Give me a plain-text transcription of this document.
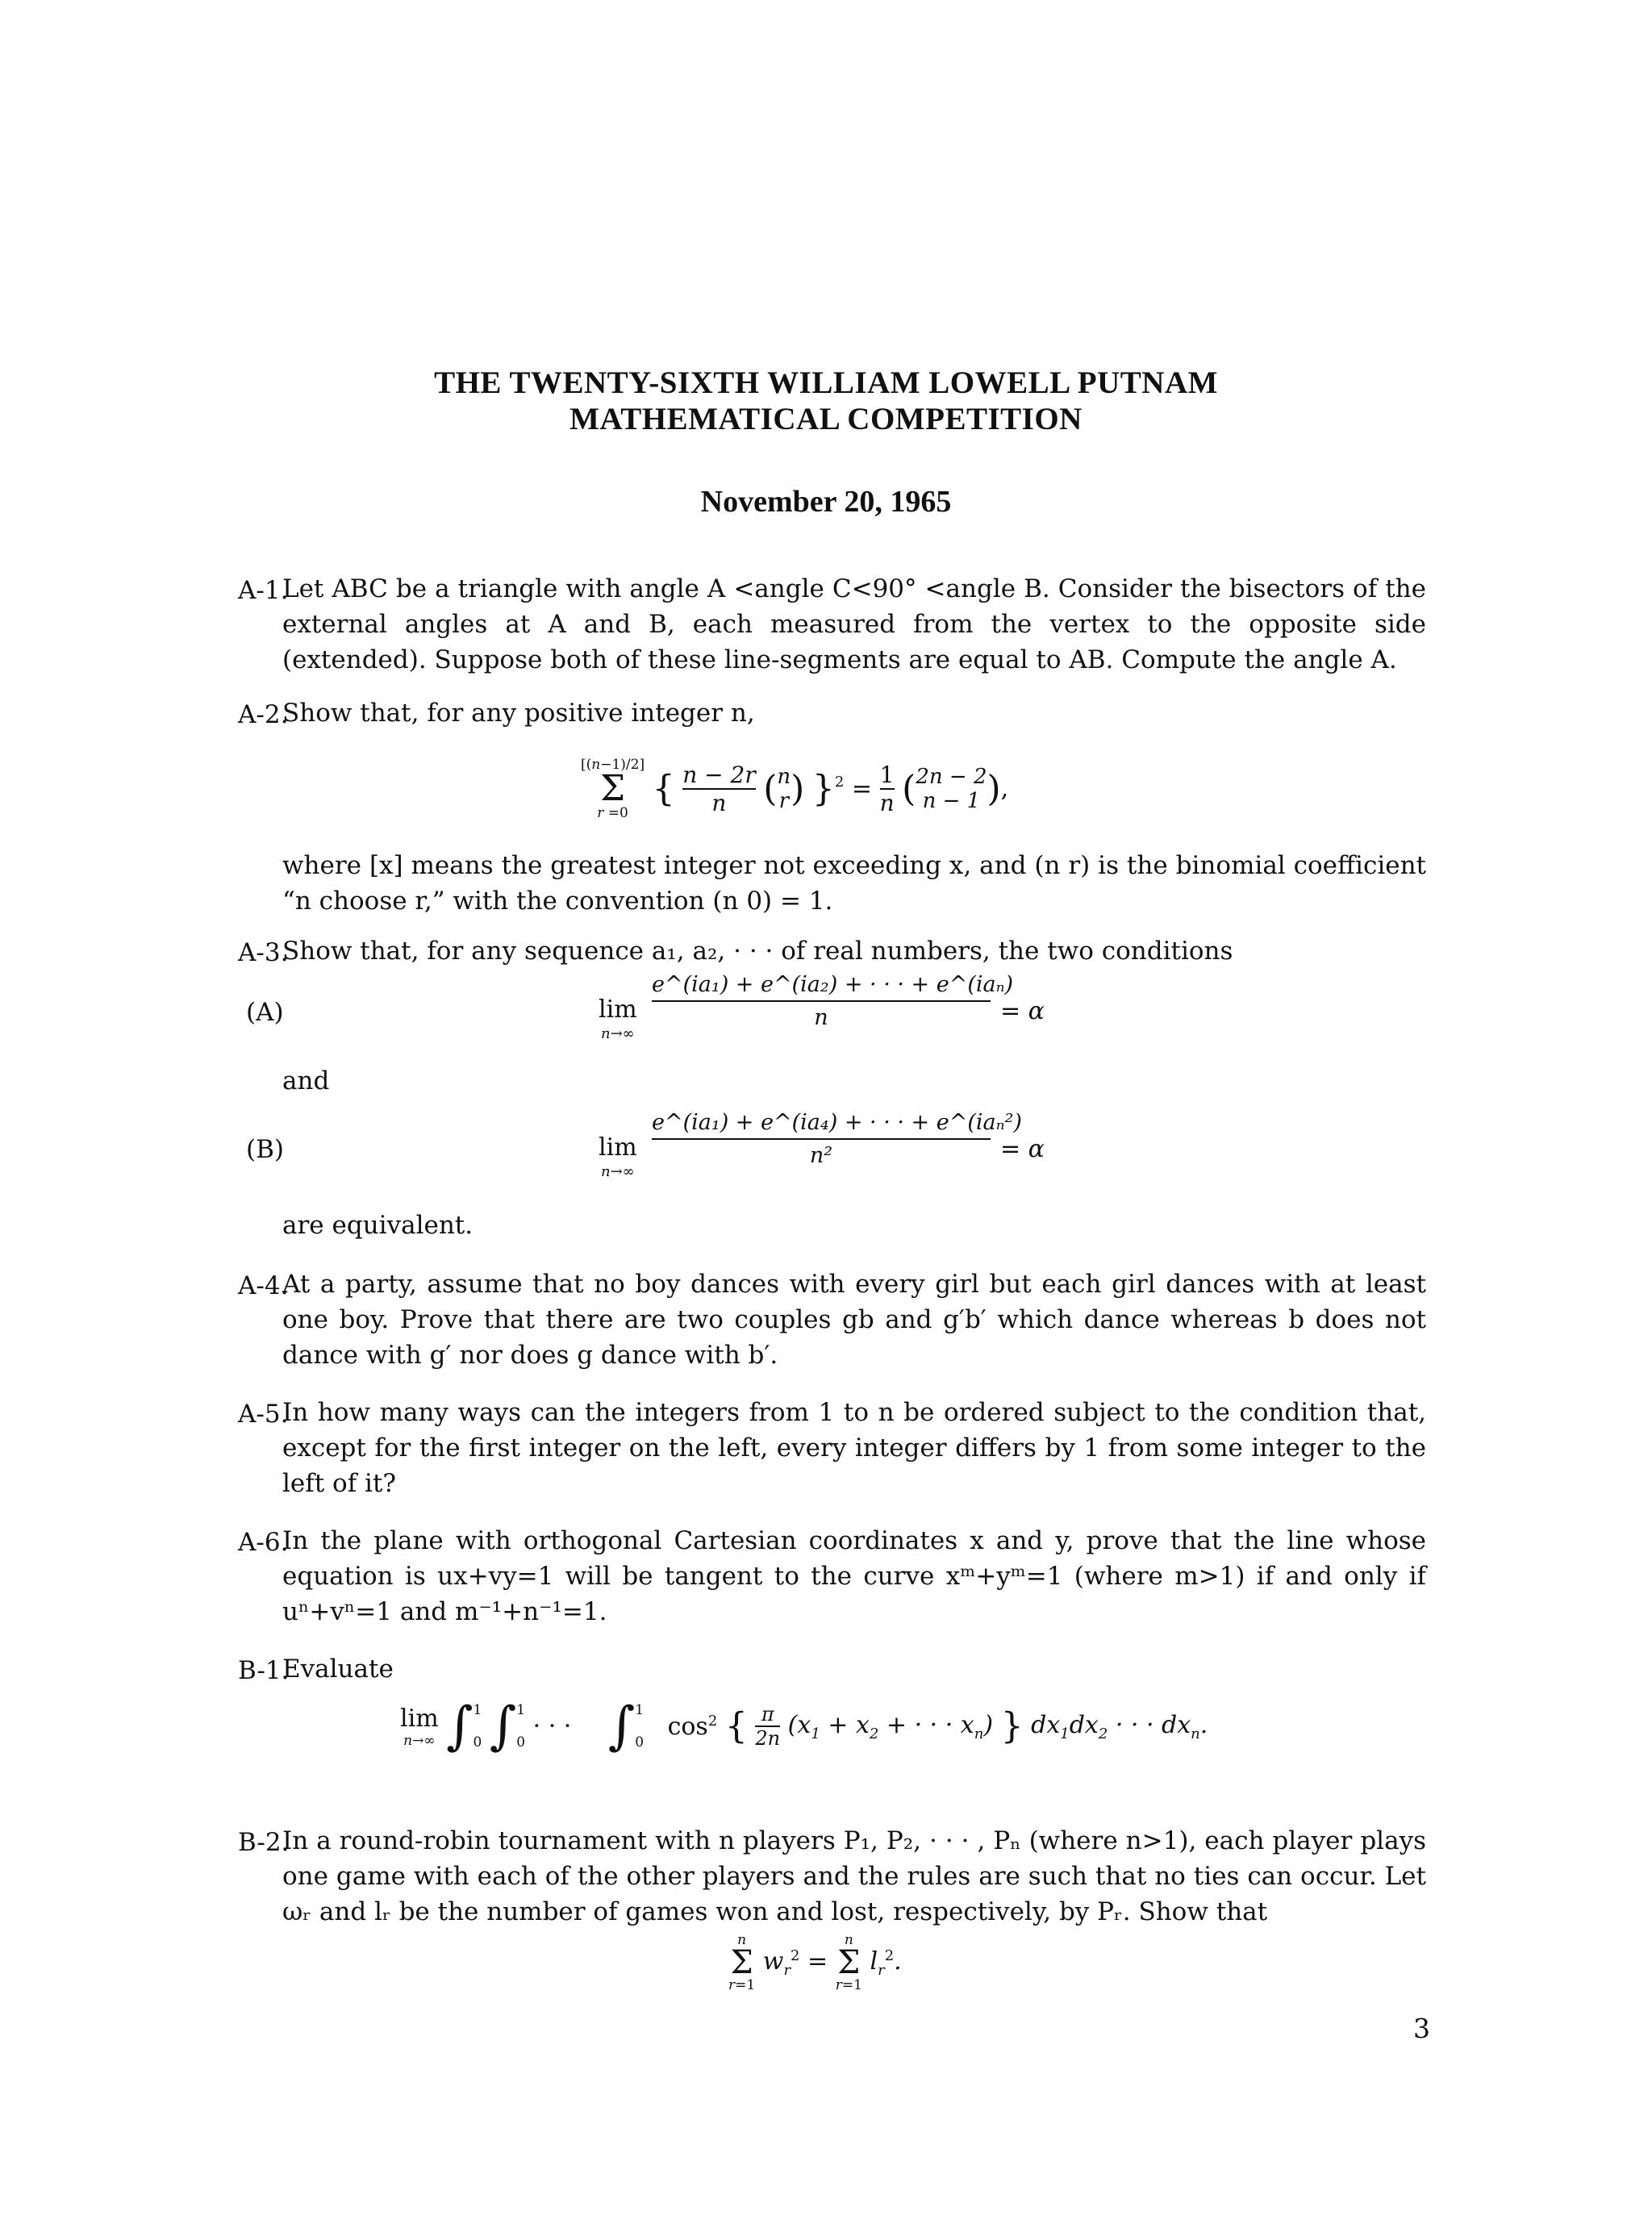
THE TWENTY-SIXTH WILLIAM LOWELL PUTNAM
MATHEMATICAL COMPETITION
November 20, 1965
A-1.
Let ABC be a triangle with angle A <angle C<90° <angle B. Consider the bisectors of the external angles at A and B, each measured from the vertex to the opposite side (extended). Suppose both of these line-segments are equal to AB. Compute the angle A.
A-2.
Show that, for any positive integer n,
[(n−1)/2]
Σ
r =0
{ $\frac{n - 2r}{n} (n$
r) }$^2 = \frac{1}{n} (2n - 2$
n − 1 ),
where [x] means the greatest integer not exceeding x, and (n r) is the binomial coefficient “n choose r,” with the convention (n 0) = 1.
A-3.
Show that, for any sequence a₁, a₂, · · · of real numbers, the two conditions
(A)	lim
n→∞
e^(ia₁) + e^(ia₂) + · · · + e^(iaₙ)
n	= α
and
(B)	lim
n→∞
e^(ia₁) + e^(ia₄) + · · · + e^(iaₙ²)
n²	= α
are equivalent.
A-4.
At a party, assume that no boy dances with every girl but each girl dances with at least one boy. Prove that there are two couples gb and g′b′ which dance whereas b does not dance with g′ nor does g dance with b′.
A-5.
In how many ways can the integers from 1 to n be ordered subject to the condition that, except for the first integer on the left, every integer differs by 1 from some integer to the left of it?
A-6.
In the plane with orthogonal Cartesian coordinates x and y, prove that the line whose equation is ux+vy=1 will be tangent to the curve xᵐ+yᵐ=1 (where m>1) if and only if uⁿ+vⁿ=1 and m⁻¹+n⁻¹=1.
B-1.
Evaluate
lim
n→∞ ∫1
0 ∫1
0 · · · ∫1
0 $\cos^2$ { $\frac{\pi}{2n} (x_1 + x_2$ + · · · $x_n$) } $dx_1dx_2$ · · · $dx_n$.
B-2.
In a round-robin tournament with n players P₁, P₂, · · · , Pₙ (where n>1), each player plays one game with each of the other players and the rules are such that no ties can occur. Let ωᵣ and lᵣ be the number of games won and lost, respectively, by Pᵣ. Show that
n
Σ
r=1
$w_r^2$ =
n
Σ
r=1
$l_r^2$.
3
